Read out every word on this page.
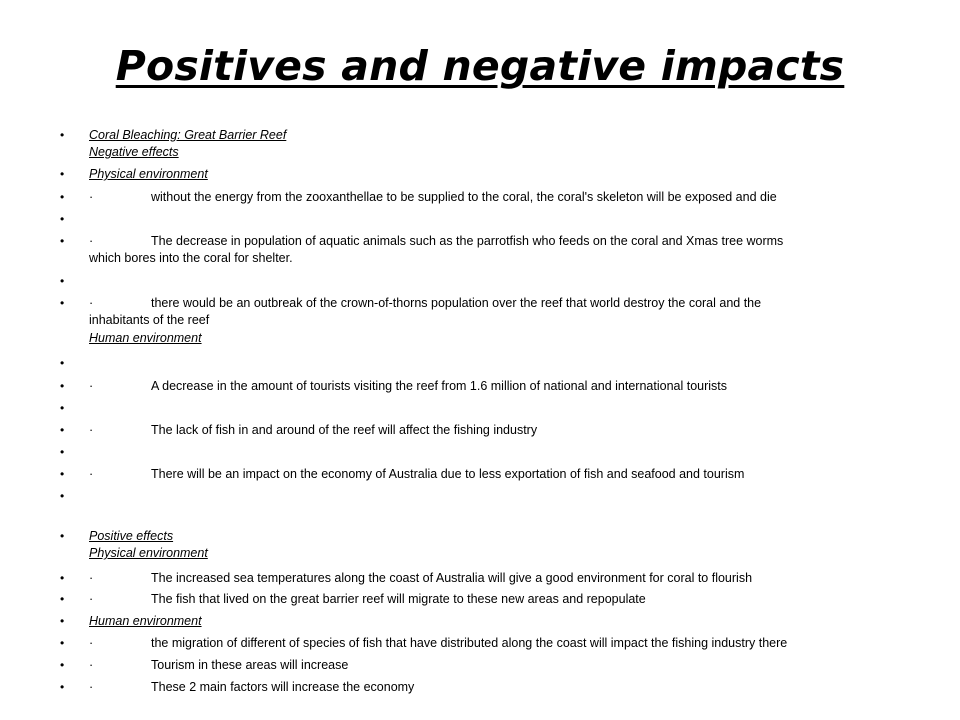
Positives and negative impacts
• Coral Bleaching: Great Barrier Reef
Negative effects
• Physical environment
• ·	without the energy from the zooxanthellae to be supplied to the coral, the coral's skeleton will be exposed and die
•
• ·	The decrease in population of aquatic animals such as the parrotfish who feeds on the coral and Xmas tree worms
which bores into the coral for shelter.
•
• ·	there would be an outbreak of the crown-of-thorns population over the reef that world destroy the coral and the
inhabitants of the reef
Human environment
•
• ·	A decrease in the amount of tourists visiting the reef from 1.6 million of national and international tourists
•
• ·	The lack of fish in and around of the reef will affect the fishing industry
•
• ·	There will be an impact on the economy of Australia due to less exportation of fish and seafood and tourism
•
• Positive effects
Physical environment
• ·	The increased sea temperatures along the coast of Australia will give a good environment for coral to flourish
• ·	The fish that lived on the great barrier reef will migrate to these new areas and repopulate
• Human environment
• ·	the migration of different of species of fish that have distributed along the coast will impact the fishing industry there
• ·	Tourism in these areas will increase
• ·	These 2 main factors will increase the economy
